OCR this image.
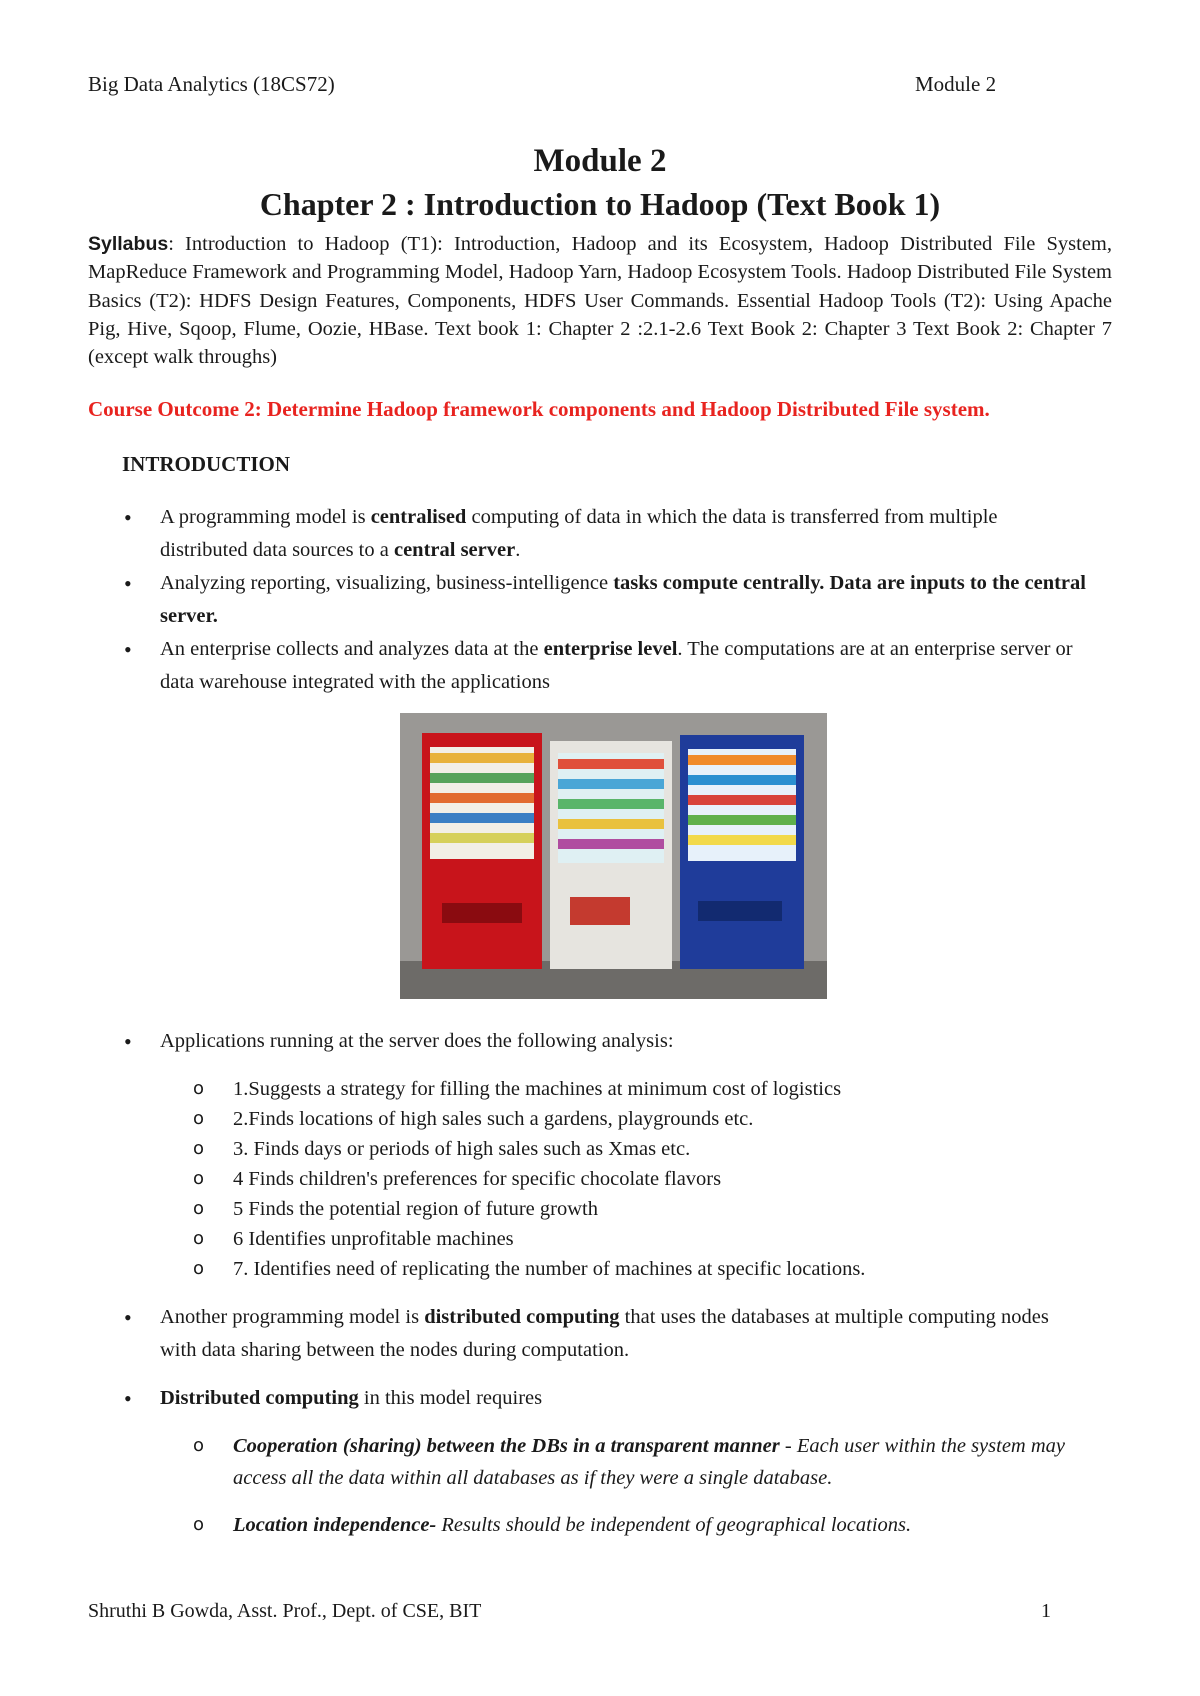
Big Data Analytics (18CS72)	Module 2
Module 2
Chapter 2 : Introduction to Hadoop (Text Book 1)
Syllabus: Introduction to Hadoop (T1): Introduction, Hadoop and its Ecosystem, Hadoop Distributed File System, MapReduce Framework and Programming Model, Hadoop Yarn, Hadoop Ecosystem Tools. Hadoop Distributed File System Basics (T2): HDFS Design Features, Components, HDFS User Commands. Essential Hadoop Tools (T2): Using Apache Pig, Hive, Sqoop, Flume, Oozie, HBase. Text book 1: Chapter 2 :2.1-2.6 Text Book 2: Chapter 3 Text Book 2: Chapter 7 (except walk throughs)
Course Outcome 2: Determine Hadoop framework components and Hadoop Distributed File system.
INTRODUCTION
• A programming model is centralised computing of data in which the data is transferred from multiple distributed data sources to a central server.
• Analyzing reporting, visualizing, business-intelligence tasks compute centrally. Data are inputs to the central server.
• An enterprise collects and analyzes data at the enterprise level. The computations are at an enterprise server or data warehouse integrated with the applications
• Applications running at the server does the following analysis:
o 1.Suggests a strategy for filling the machines at minimum cost of logistics
o 2.Finds locations of high sales such a gardens, playgrounds etc.
o 3. Finds days or periods of high sales such as Xmas etc.
o 4 Finds children's preferences for specific chocolate flavors
o 5 Finds the potential region of future growth
o 6 Identifies unprofitable machines
o 7. Identifies need of replicating the number of machines at specific locations.
• Another programming model is distributed computing that uses the databases at multiple computing nodes with data sharing between the nodes during computation.
• Distributed computing in this model requires
o Cooperation (sharing) between the DBs in a transparent manner - Each user within the system may access all the data within all databases as if they were a single database.
o Location independence- Results should be independent of geographical locations.
Shruthi B Gowda, Asst. Prof., Dept. of CSE, BIT	1
